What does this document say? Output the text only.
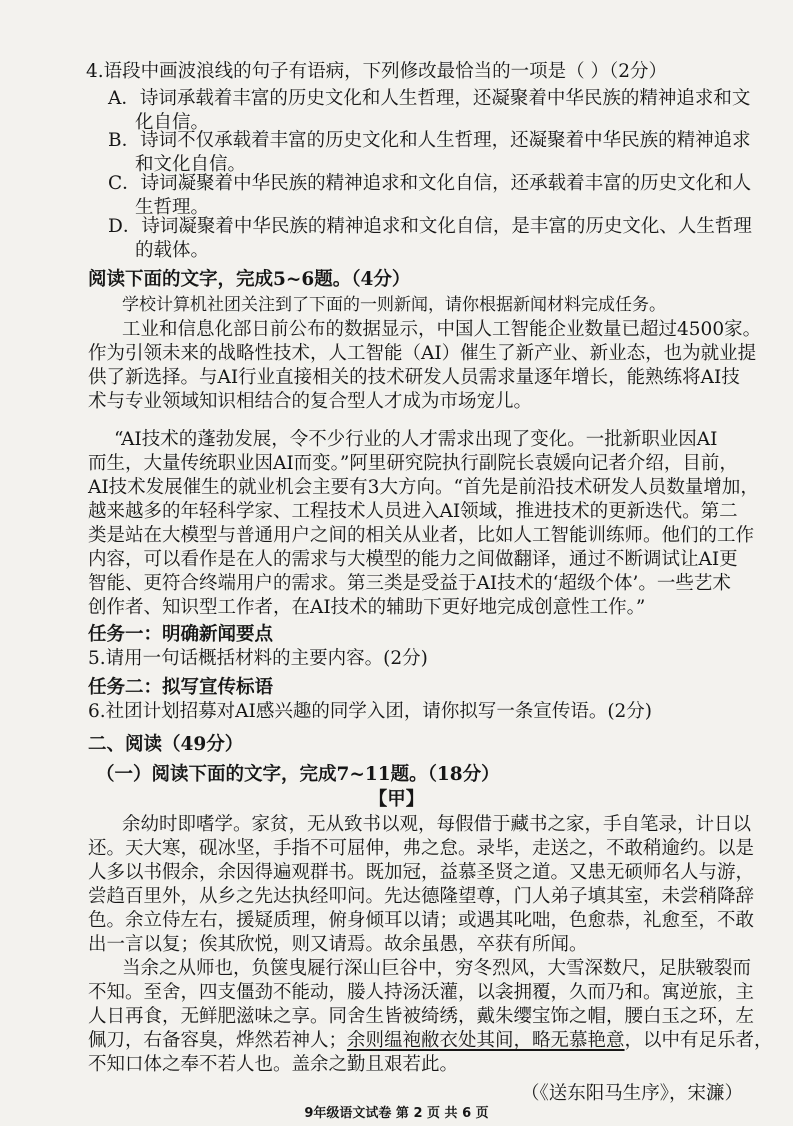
4.语段中画波浪线的句子有语病，下列修改最恰当的一项是（ ）（2分）
A．诗词承载着丰富的历史文化和人生哲理，还凝聚着中华民族的精神追求和文
化自信。
B．诗词不仅承载着丰富的历史文化和人生哲理，还凝聚着中华民族的精神追求
和文化自信。
C．诗词凝聚着中华民族的精神追求和文化自信，还承载着丰富的历史文化和人
生哲理。
D．诗词凝聚着中华民族的精神追求和文化自信，是丰富的历史文化、人生哲理
的载体。
阅读下面的文字，完成5~6题。（4分）
学校计算机社团关注到了下面的一则新闻，请你根据新闻材料完成任务。
工业和信息化部日前公布的数据显示，中国人工智能企业数量已超过4500家。
作为引领未来的战略性技术，人工智能（AI）催生了新产业、新业态，也为就业提
供了新选择。与AI行业直接相关的技术研发人员需求量逐年增长，能熟练将AI技
术与专业领域知识相结合的复合型人才成为市场宠儿。
“AI技术的蓬勃发展，令不少行业的人才需求出现了变化。一批新职业因AI
而生，大量传统职业因AI而变。”阿里研究院执行副院长袁媛向记者介绍，目前，
AI技术发展催生的就业机会主要有3大方向。“首先是前沿技术研发人员数量增加，
越来越多的年轻科学家、工程技术人员进入AI领域，推进技术的更新迭代。第二
类是站在大模型与普通用户之间的相关从业者，比如人工智能训练师。他们的工作
内容，可以看作是在人的需求与大模型的能力之间做翻译，通过不断调试让AI更
智能、更符合终端用户的需求。第三类是受益于AI技术的‘超级个体’。一些艺术
创作者、知识型工作者，在AI技术的辅助下更好地完成创意性工作。”
任务一：明确新闻要点
5.请用一句话概括材料的主要内容。(2分)
任务二：拟写宣传标语
6.社团计划招募对AI感兴趣的同学入团，请你拟写一条宣传语。(2分)
二、阅读（49分）
（一）阅读下面的文字，完成7~11题。（18分）
【甲】
余幼时即嗜学。家贫，无从致书以观，每假借于藏书之家，手自笔录，计日以
还。天大寒，砚冰坚，手指不可屈伸，弗之怠。录毕，走送之，不敢稍逾约。以是
人多以书假余，余因得遍观群书。既加冠，益慕圣贤之道。又患无硕师名人与游，
尝趋百里外，从乡之先达执经叩问。先达德隆望尊，门人弟子填其室，未尝稍降辞
色。余立侍左右，援疑质理，俯身倾耳以请；或遇其叱咄，色愈恭，礼愈至，不敢
出一言以复；俟其欣悦，则又请焉。故余虽愚，卒获有所闻。
当余之从师也，负箧曳屣行深山巨谷中，穷冬烈风，大雪深数尺，足肤皲裂而
不知。至舍，四支僵劲不能动，媵人持汤沃灌，以衾拥覆，久而乃和。寓逆旅，主
人日再食，无鲜肥滋味之享。同舍生皆被绮绣，戴朱缨宝饰之帽，腰白玉之环，左
佩刀，右备容臭，烨然若神人；余则缊袍敝衣处其间，略无慕艳意，以中有足乐者，
不知口体之奉不若人也。盖余之勤且艰若此。
（《送东阳马生序》，宋濂）
9年级语文试卷 第 2 页 共 6 页
